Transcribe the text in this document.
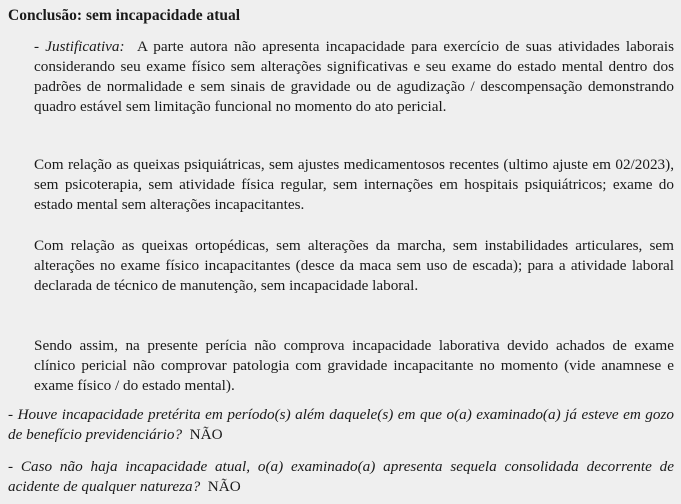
Conclusão: sem incapacidade atual
- Justificativa: A parte autora não apresenta incapacidade para exercício de suas atividades laborais considerando seu exame físico sem alterações significativas e seu exame do estado mental dentro dos padrões de normalidade e sem sinais de gravidade ou de agudização / descompensação demonstrando quadro estável sem limitação funcional no momento do ato pericial.
Com relação as queixas psiquiátricas, sem ajustes medicamentosos recentes (ultimo ajuste em 02/2023), sem psicoterapia, sem atividade física regular, sem internações em hospitais psiquiátricos; exame do estado mental sem alterações incapacitantes.
Com relação as queixas ortopédicas, sem alterações da marcha, sem instabilidades articulares, sem alterações no exame físico incapacitantes (desce da maca sem uso de escada); para a atividade laboral declarada de técnico de manutenção, sem incapacidade laboral.
Sendo assim, na presente perícia não comprova incapacidade laborativa devido achados de exame clínico pericial não comprovar patologia com gravidade incapacitante no momento (vide anamnese e exame físico / do estado mental).
- Houve incapacidade pretérita em período(s) além daquele(s) em que o(a) examinado(a) já esteve em gozo de benefício previdenciário? NÃO
- Caso não haja incapacidade atual, o(a) examinado(a) apresenta sequela consolidada decorrente de acidente de qualquer natureza? NÃO
